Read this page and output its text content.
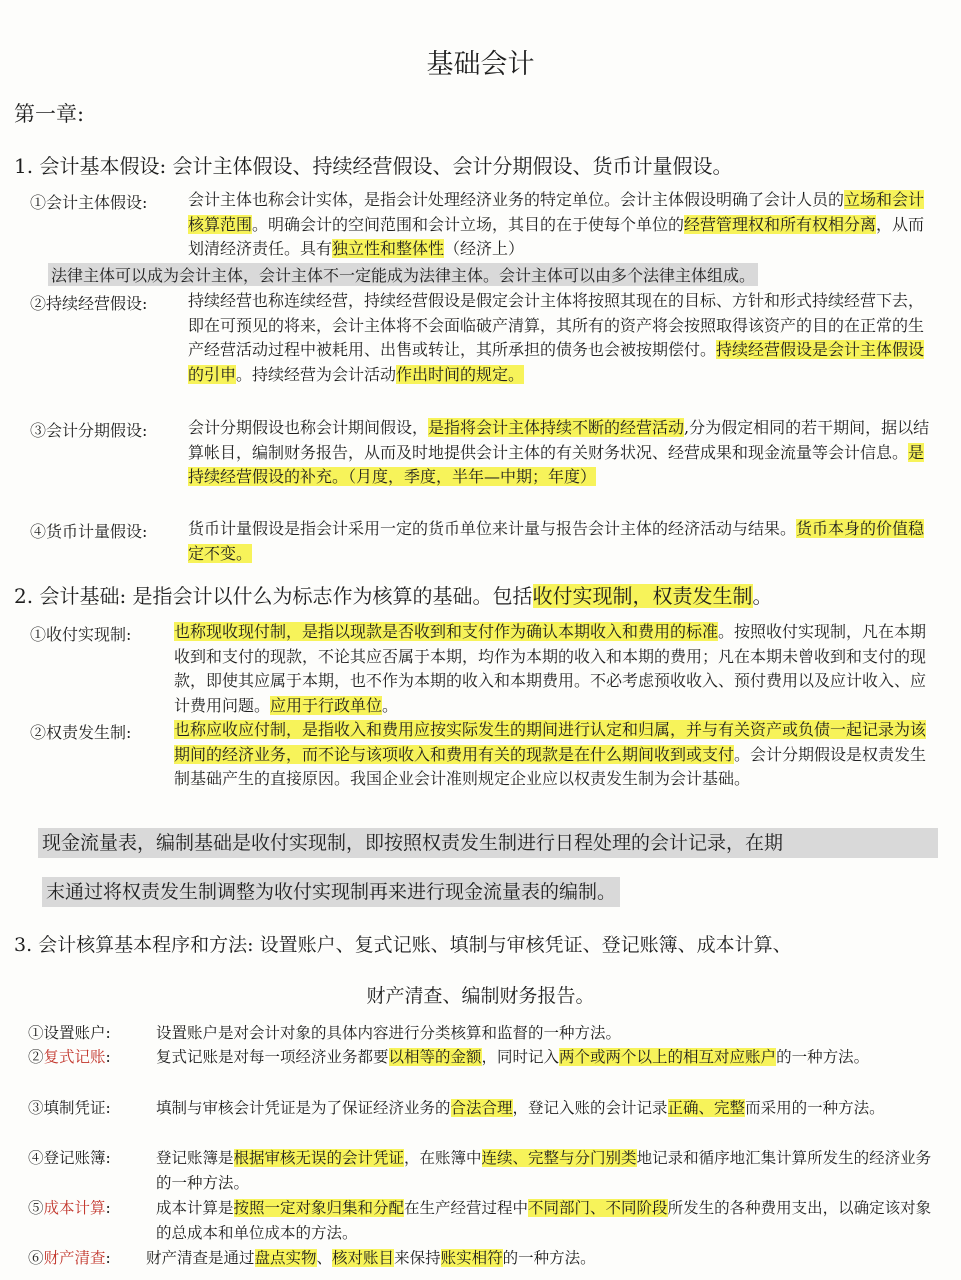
基础会计
第一章:
1. 会计基本假设: 会计主体假设、持续经营假设、会计分期假设、货币计量假设。
①会计主体假设:	会计主体也称会计实体，是指会计处理经济业务的特定单位。会计主体假设明确了会计人员的立场和会计核算范围。明确会计的空间范围和会计立场，其目的在于使每个单位的经营管理权和所有权相分离，从而划清经济责任。具有独立性和整体性（经济上）
法律主体可以成为会计主体，会计主体不一定能成为法律主体。会计主体可以由多个法律主体组成。
②持续经营假设:	持续经营也称连续经营，持续经营假设是假定会计主体将按照其现在的目标、方针和形式持续经营下去，即在可预见的将来，会计主体将不会面临破产清算，其所有的资产将会按照取得该资产的目的在正常的生产经营活动过程中被耗用、出售或转让，其所承担的债务也会被按期偿付。持续经营假设是会计主体假设的引申。持续经营为会计活动作出时间的规定。
③会计分期假设:	会计分期假设也称会计期间假设，是指将会计主体持续不断的经营活动,分为假定相同的若干期间，据以结算帐目，编制财务报告，从而及时地提供会计主体的有关财务状况、经营成果和现金流量等会计信息。是持续经营假设的补充。（月度，季度，半年—中期；年度）
④货币计量假设:	货币计量假设是指会计采用一定的货币单位来计量与报告会计主体的经济活动与结果。货币本身的价值稳定不变。
2. 会计基础: 是指会计以什么为标志作为核算的基础。包括收付实现制，权责发生制。
①收付实现制:	也称现收现付制，是指以现款是否收到和支付作为确认本期收入和费用的标准。按照收付实现制，凡在本期收到和支付的现款，不论其应否属于本期，均作为本期的收入和本期的费用；凡在本期未曾收到和支付的现款，即使其应属于本期，也不作为本期的收入和本期费用。不必考虑预收收入、预付费用以及应计收入、应计费用问题。应用于行政单位。
②权责发生制:	也称应收应付制，是指收入和费用应按实际发生的期间进行认定和归属，并与有关资产或负债一起记录为该期间的经济业务，而不论与该项收入和费用有关的现款是在什么期间收到或支付。会计分期假设是权责发生制基础产生的直接原因。我国企业会计准则规定企业应以权责发生制为会计基础。
现金流量表，编制基础是收付实现制，即按照权责发生制进行日程处理的会计记录，在期
末通过将权责发生制调整为收付实现制再来进行现金流量表的编制。
3. 会计核算基本程序和方法: 设置账户、复式记账、填制与审核凭证、登记账簿、成本计算、
财产清查、编制财务报告。
①设置账户:	设置账户是对会计对象的具体内容进行分类核算和监督的一种方法。
②复式记账:	复式记账是对每一项经济业务都要以相等的金额，同时记入两个或两个以上的相互对应账户的一种方法。
③填制凭证:	填制与审核会计凭证是为了保证经济业务的合法合理，登记入账的会计记录正确、完整而采用的一种方法。
④登记账簿:	登记账簿是根据审核无误的会计凭证，在账簿中连续、完整与分门别类地记录和循序地汇集计算所发生的经济业务的一种方法。
⑤成本计算:	成本计算是按照一定对象归集和分配在生产经营过程中不同部门、不同阶段所发生的各种费用支出，以确定该对象的总成本和单位成本的方法。
⑥财产清查: 财产清查是通过盘点实物、核对账目来保持账实相符的一种方法。
